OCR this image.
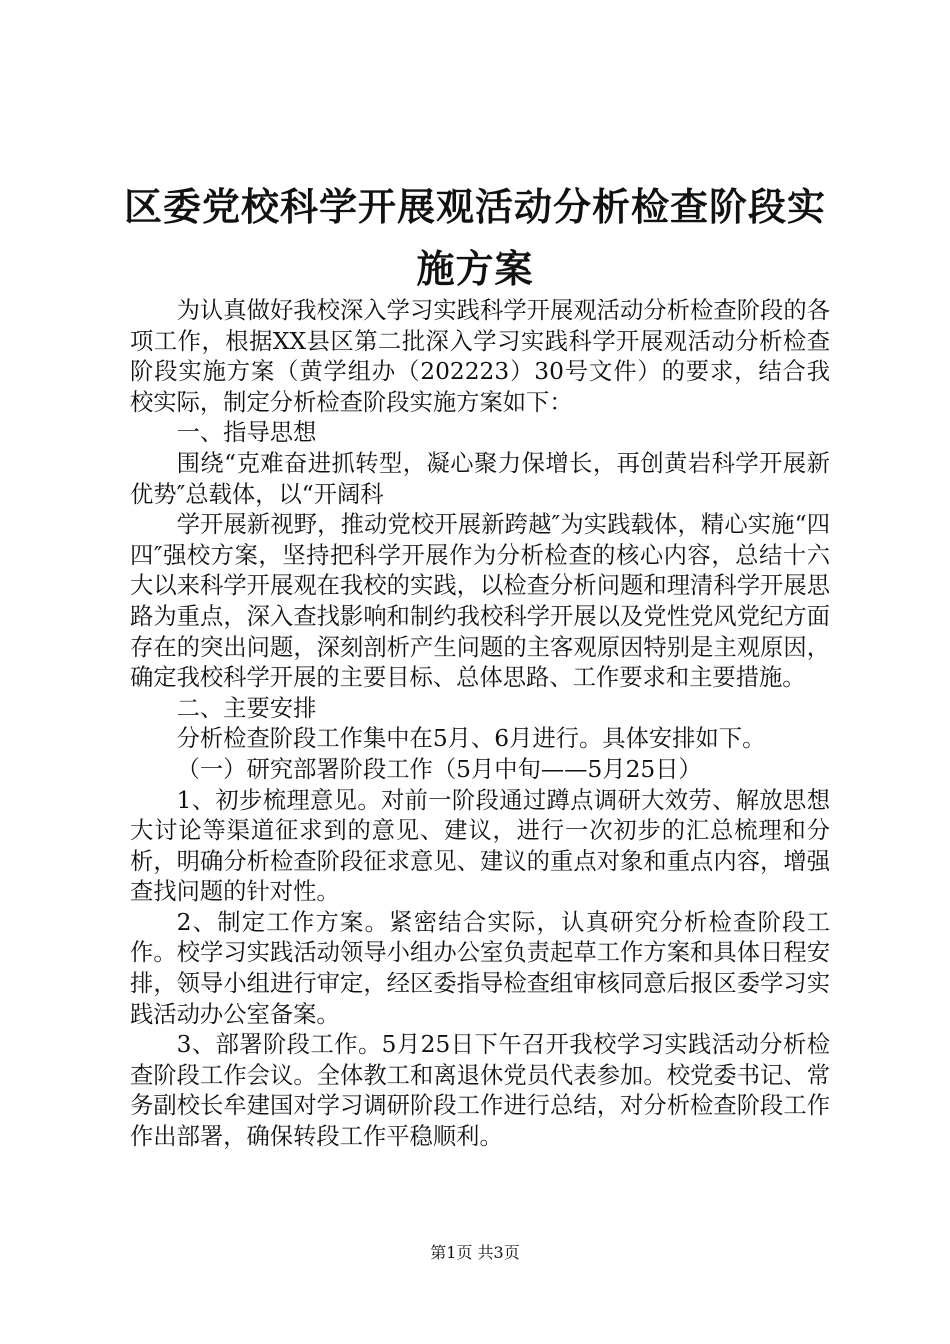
区委党校科学开展观活动分析检查阶段实施方案

为认真做好我校深入学习实践科学开展观活动分析检查阶段的各项工作，根据XX县区第二批深入学习实践科学开展观活动分析检查阶段实施方案（黄学组办（202223）30号文件）的要求，结合我校实际，制定分析检查阶段实施方案如下：

一、指导思想

围绕“克难奋进抓转型，凝心聚力保增长，再创黄岩科学开展新优势″总载体，以“开阔科

学开展新视野，推动党校开展新跨越″为实践载体，精心实施“四四″强校方案，坚持把科学开展作为分析检查的核心内容，总结十六大以来科学开展观在我校的实践，以检查分析问题和理清科学开展思路为重点，深入查找影响和制约我校科学开展以及党性党风党纪方面存在的突出问题，深刻剖析产生问题的主客观原因特别是主观原因，确定我校科学开展的主要目标、总体思路、工作要求和主要措施。

二、主要安排

分析检查阶段工作集中在5月、6月进行。具体安排如下。

（一）研究部署阶段工作（5月中旬——5月25日）

1、初步梳理意见。对前一阶段通过蹲点调研大效劳、解放思想大讨论等渠道征求到的意见、建议，进行一次初步的汇总梳理和分析，明确分析检查阶段征求意见、建议的重点对象和重点内容，增强查找问题的针对性。

2、制定工作方案。紧密结合实际，认真研究分析检查阶段工作。校学习实践活动领导小组办公室负责起草工作方案和具体日程安排，领导小组进行审定，经区委指导检查组审核同意后报区委学习实践活动办公室备案。

3、部署阶段工作。5月25日下午召开我校学习实践活动分析检查阶段工作会议。全体教工和离退休党员代表参加。校党委书记、常务副校长牟建国对学习调研阶段工作进行总结，对分析检查阶段工作作出部署，确保转段工作平稳顺利。

第1页 共3页
